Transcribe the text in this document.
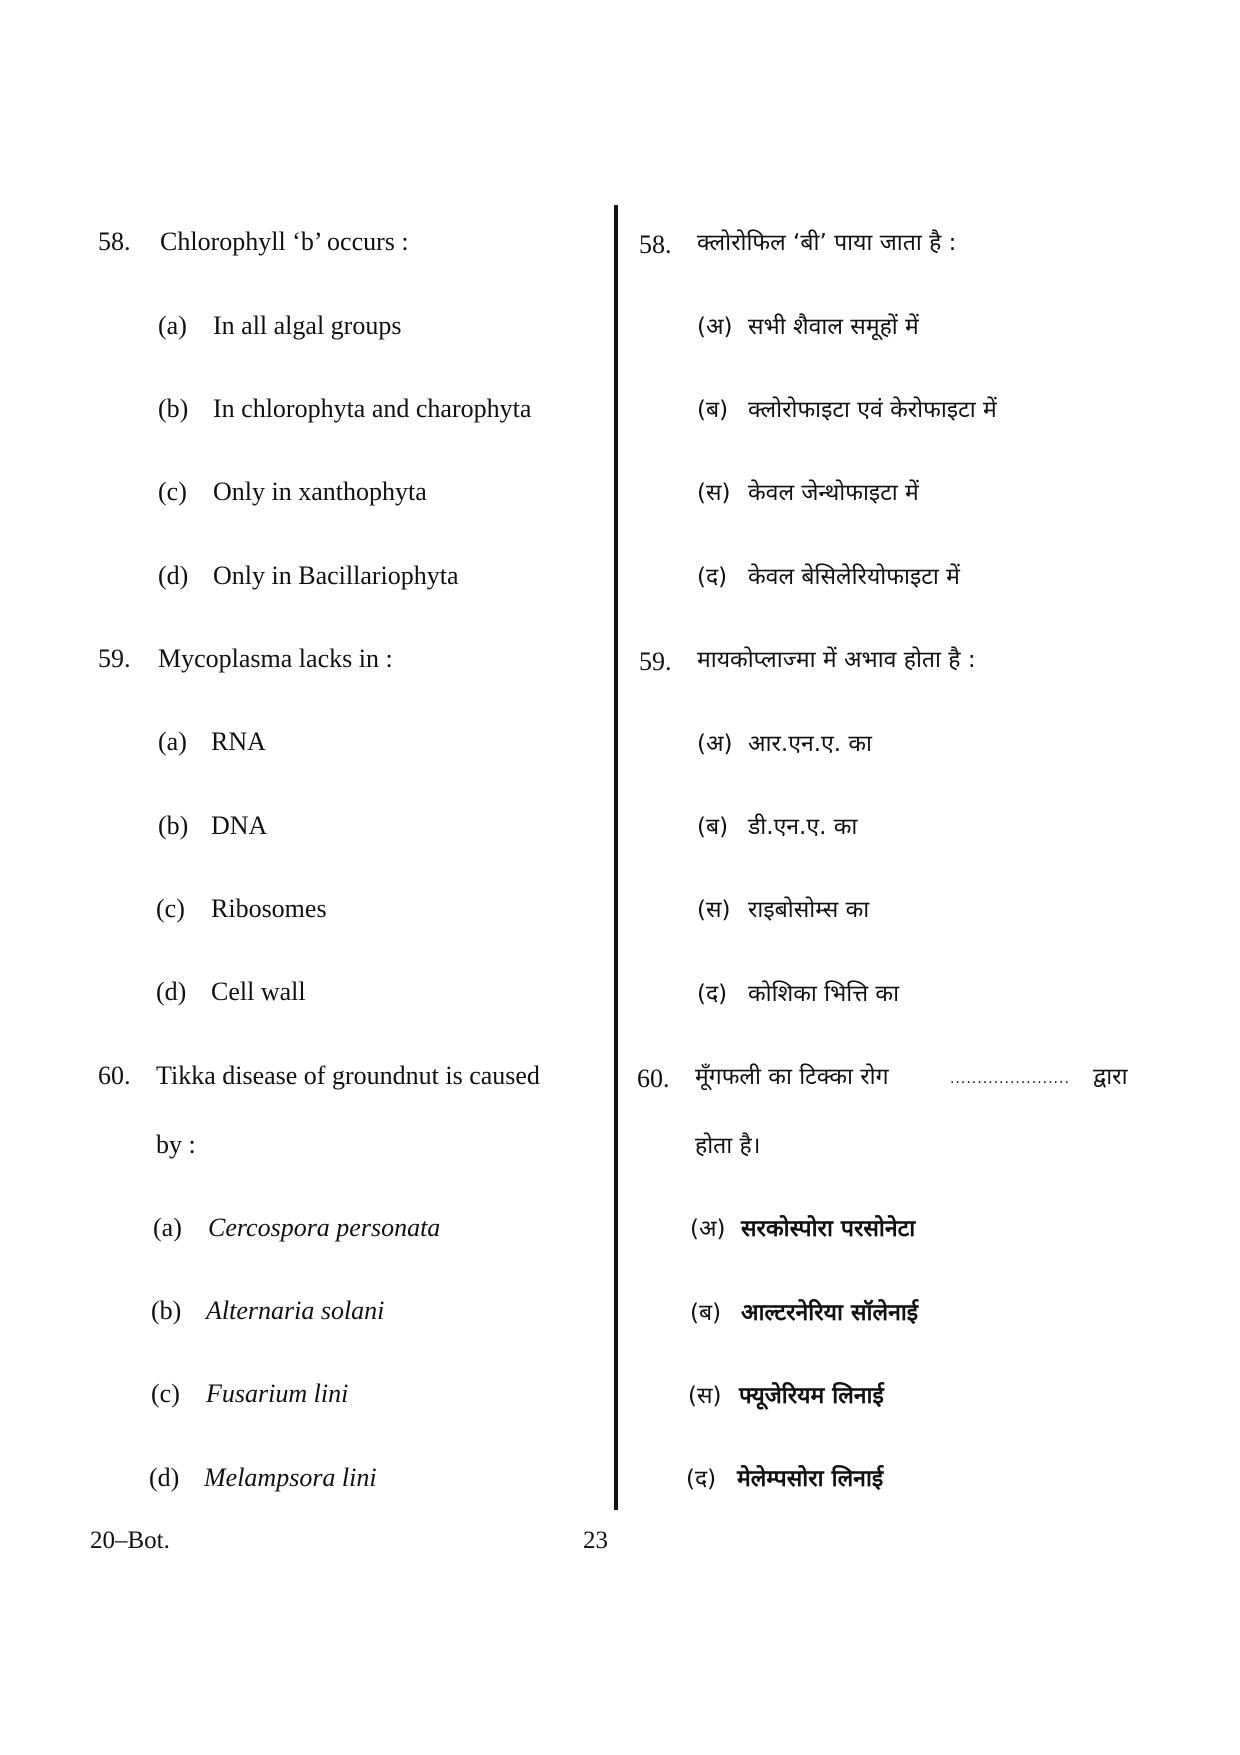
58. Chlorophyll ‘b’ occurs :
(a) In all algal groups
(b) In chlorophyta and charophyta
(c) Only in xanthophyta
(d) Only in Bacillariophyta
59. Mycoplasma lacks in :
(a) RNA
(b) DNA
(c) Ribosomes
(d) Cell wall
60. Tikka disease of groundnut is caused
by :
(a) Cercospora personata
(b) Alternaria solani
(c) Fusarium lini
(d) Melampsora lini
58. क्लोरोफिल ‘बी’ पाया जाता है :
(अ) सभी शैवाल समूहों में
(ब) क्लोरोफाइटा एवं केरोफाइटा में
(स) केवल जेन्थोफाइटा में
(द) केवल बेसिलेरियोफाइटा में
59. मायकोप्लाज्मा में अभाव होता है :
(अ) आर.एन.ए. का
(ब) डी.एन.ए. का
(स) राइबोसोम्स का
(द) कोशिका भित्ति का
60. मूँगफली का टिक्का रोग	...................... द्वारा
होता है।
(अ) सरकोस्पोरा परसोनेटा
(ब) आल्टरनेरिया सॉलेनाई
(स) फ्यूजेरियम लिनाई
(द) मेलेम्पसोरा लिनाई
20–Bot.	23
